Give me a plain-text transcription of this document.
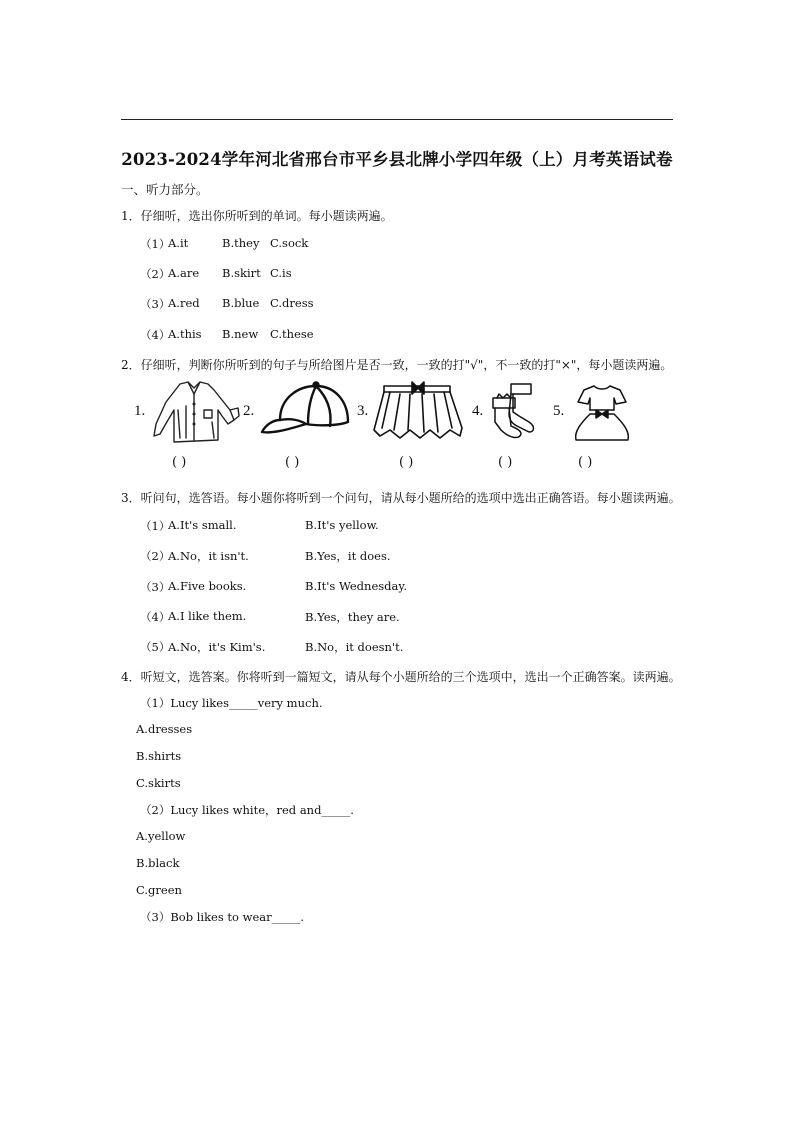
2023-2024学年河北省邢台市平乡县北牌小学四年级（上）月考英语试卷
一、听力部分。
1．仔细听，选出你所听到的单词。每小题读两遍。
（1）
A.it	B.they C.sock
（2）
A.are B.skirt C.is
（3）
A.red B.blue C.dress
（4）
A.this B.new C.these
2．仔细听，判断你所听到的句子与所给图片是否一致，一致的打"√"，不一致的打"×"，每小题读两遍。
1.
( )
2.
( )
3.
( )
4.
( )
5.
( )
3．听问句，选答语。每小题你将听到一个问句，请从每小题所给的选项中选出正确答语。每小题读两遍。
（1）
A.It's small.	B.It's yellow.
（2）
A.No，it isn't.	B.Yes，it does.
（3）
A.Five books.	B.It's Wednesday.
（4）
A.I like them.	B.Yes，they are.
（5）
A.No，it's Kim's.	B.No，it doesn't.
4．听短文，选答案。你将听到一篇短文，请从每个小题所给的三个选项中，选出一个正确答案。读两遍。
（1）Lucy likes_____very much.
A.dresses
B.shirts
C.skirts
（2）Lucy likes white，red and_____.
A.yellow
B.black
C.green
（3）Bob likes to wear_____.
